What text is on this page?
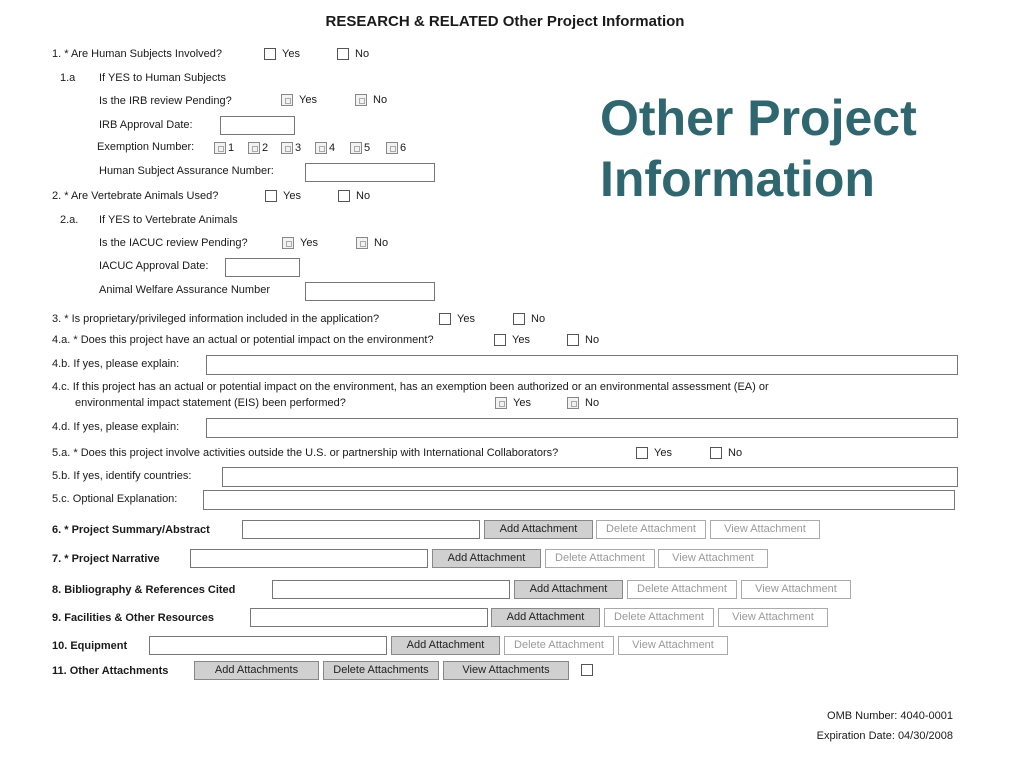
RESEARCH & RELATED Other Project Information
Other Project
Information
1. * Are Human Subjects Involved?	Yes	No
1.a If YES to Human Subjects
Is the IRB review Pending?	Yes	No
IRB Approval Date:
Exemption Number:	1	2 3	4	5	6
Human Subject Assurance Number:
2. * Are Vertebrate Animals Used?	Yes	No
2.a. If YES to Vertebrate Animals
Is the IACUC review Pending?	Yes	No
IACUC Approval Date:
Animal Welfare Assurance Number
3. * Is proprietary/privileged information included in the application?	Yes	No
4.a. * Does this project have an actual or potential impact on the environment?	Yes	No
4.b. If yes, please explain:
4.c. If this project has an actual or potential impact on the environment, has an exemption been authorized or an environmental assessment (EA) or
environmental impact statement (EIS) been performed?	Yes	No
4.d. If yes, please explain:
5.a. * Does this project involve activities outside the U.S. or partnership with International Collaborators?	Yes	No
5.b. If yes, identify countries:
5.c. Optional Explanation:
6. * Project Summary/Abstract	Add Attachment	Delete Attachment	View Attachment
7. * Project Narrative	Add Attachment	Delete Attachment	View Attachment
8. Bibliography & References Cited	Add Attachment	Delete Attachment	View Attachment
9. Facilities & Other Resources	Add Attachment	Delete Attachment	View Attachment
10. Equipment	Add Attachment	Delete Attachment	View Attachment
11. Other Attachments	Add Attachments	Delete Attachments	View Attachments
OMB Number: 4040-0001
Expiration Date: 04/30/2008
